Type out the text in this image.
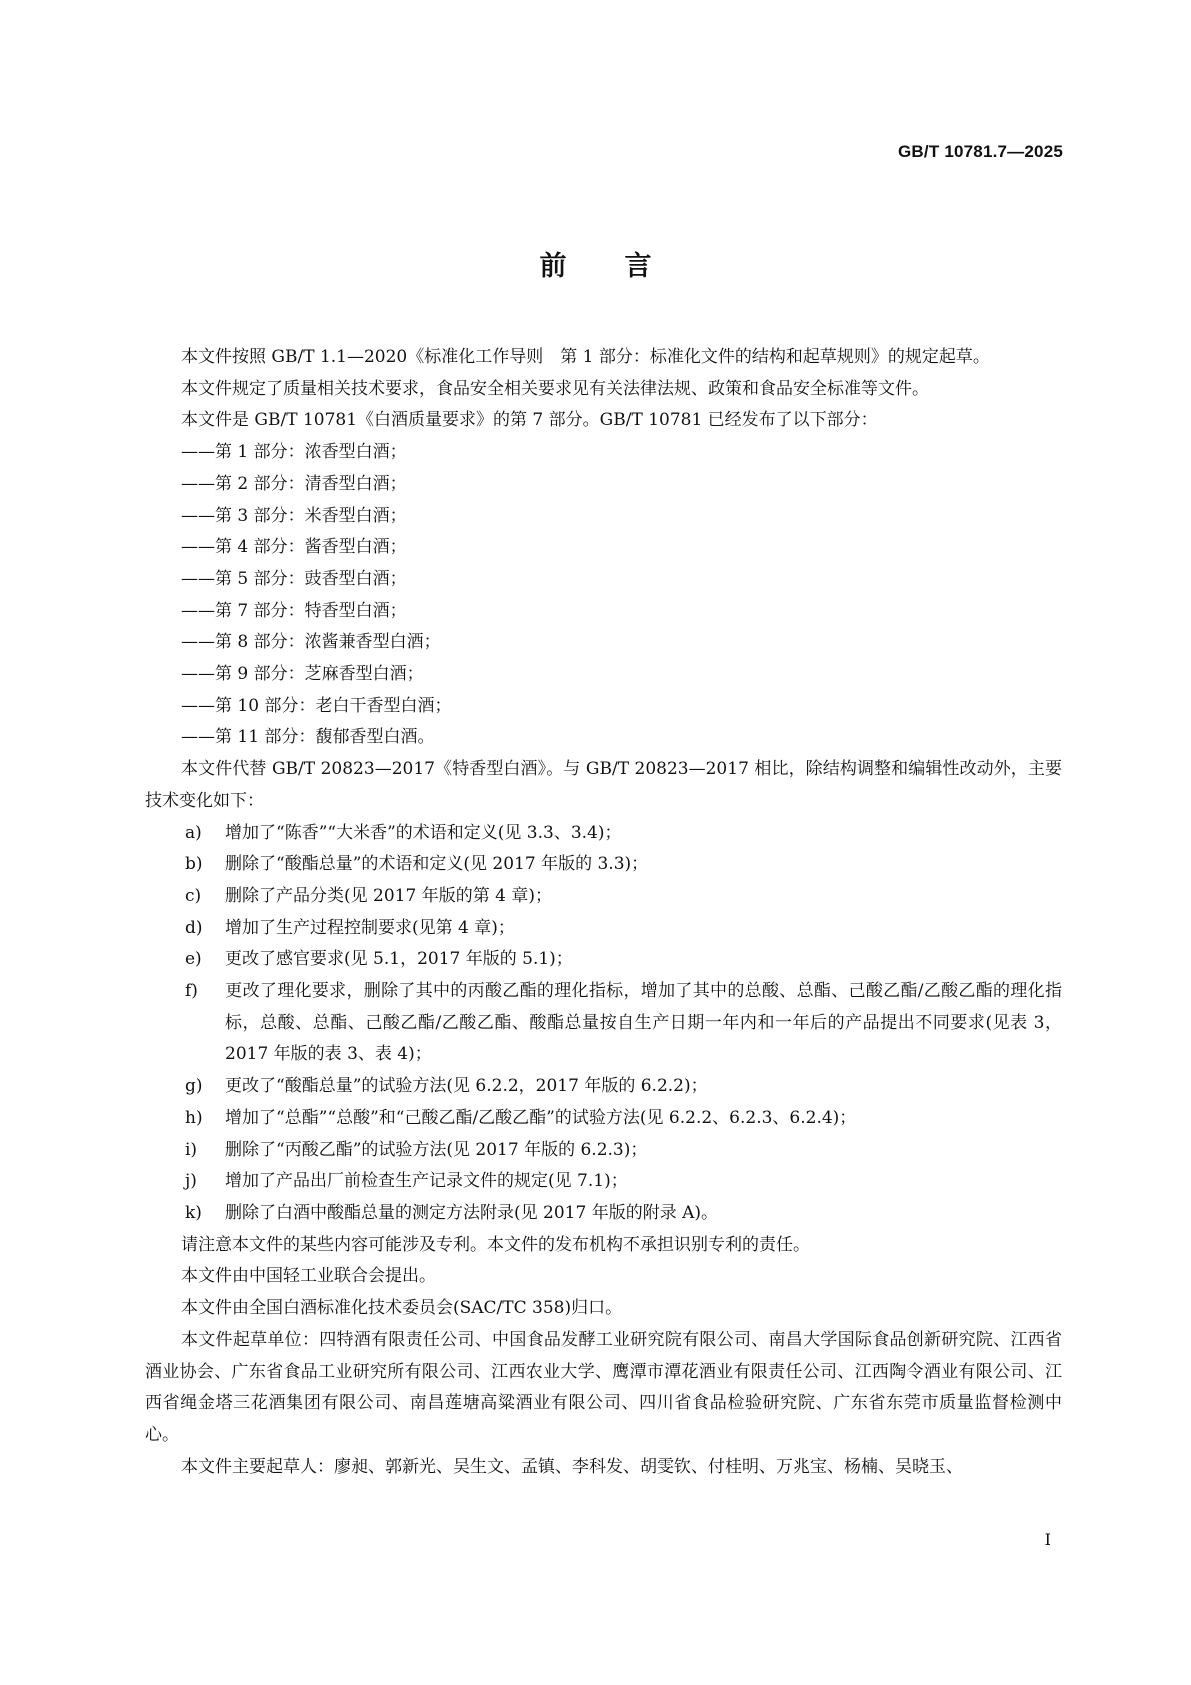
GB/T 10781.7—2025
前言

本文件按照 GB/T 1.1—2020《标准化工作导则　第 1 部分：标准化文件的结构和起草规则》的规定起草。

本文件规定了质量相关技术要求，食品安全相关要求见有关法律法规、政策和食品安全标准等文件。

本文件是 GB/T 10781《白酒质量要求》的第 7 部分。GB/T 10781 已经发布了以下部分：

——第 1 部分：浓香型白酒；

——第 2 部分：清香型白酒；

——第 3 部分：米香型白酒；

——第 4 部分：酱香型白酒；

——第 5 部分：豉香型白酒；

——第 7 部分：特香型白酒；

——第 8 部分：浓酱兼香型白酒；

——第 9 部分：芝麻香型白酒；

——第 10 部分：老白干香型白酒；

——第 11 部分：馥郁香型白酒。

本文件代替 GB/T 20823—2017《特香型白酒》。与 GB/T 20823—2017 相比，除结构调整和编辑性改动外，主要技术变化如下：

a) 增加了“陈香”“大米香”的术语和定义(见 3.3、3.4)；

b) 删除了“酸酯总量”的术语和定义(见 2017 年版的 3.3)；

c) 删除了产品分类(见 2017 年版的第 4 章)；

d) 增加了生产过程控制要求(见第 4 章)；

e) 更改了感官要求(见 5.1，2017 年版的 5.1)；

f) 更改了理化要求，删除了其中的丙酸乙酯的理化指标，增加了其中的总酸、总酯、己酸乙酯/乙酸乙酯的理化指标，总酸、总酯、己酸乙酯/乙酸乙酯、酸酯总量按自生产日期一年内和一年后的产品提出不同要求(见表 3，2017 年版的表 3、表 4)；

g) 更改了“酸酯总量”的试验方法(见 6.2.2，2017 年版的 6.2.2)；

h) 增加了“总酯”“总酸”和“己酸乙酯/乙酸乙酯”的试验方法(见 6.2.2、6.2.3、6.2.4)；

i) 删除了“丙酸乙酯”的试验方法(见 2017 年版的 6.2.3)；

j) 增加了产品出厂前检查生产记录文件的规定(见 7.1)；

k) 删除了白酒中酸酯总量的测定方法附录(见 2017 年版的附录 A)。

请注意本文件的某些内容可能涉及专利。本文件的发布机构不承担识别专利的责任。

本文件由中国轻工业联合会提出。

本文件由全国白酒标准化技术委员会(SAC/TC 358)归口。

本文件起草单位：四特酒有限责任公司、中国食品发酵工业研究院有限公司、南昌大学国际食品创新研究院、江西省酒业协会、广东省食品工业研究所有限公司、江西农业大学、鹰潭市潭花酒业有限责任公司、江西陶令酒业有限公司、江西省绳金塔三花酒集团有限公司、南昌莲塘高粱酒业有限公司、四川省食品检验研究院、广东省东莞市质量监督检测中心。

本文件主要起草人：廖昶、郭新光、吴生文、孟镇、李科发、胡雯钦、付桂明、万兆宝、杨楠、吴晓玉、

I
